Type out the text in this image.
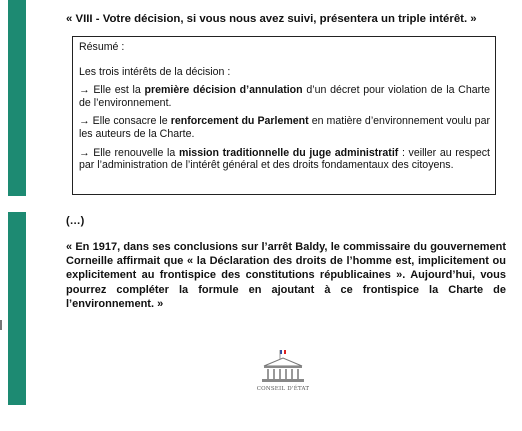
« VIII - Votre décision, si vous nous avez suivi, présentera un triple intérêt. »

Résumé :

Les trois intérêts de la décision :

→ Elle est la première décision d’annulation d’un décret pour violation de la Charte de l’environnement.

→ Elle consacre le renforcement du Parlement en matière d’environnement voulu par les auteurs de la Charte.

→ Elle renouvelle la mission traditionnelle du juge administratif : veiller au respect par l’administration de l’intérêt général et des droits fondamentaux des citoyens.

(…)
« En 1917, dans ses conclusions sur l’arrêt Baldy, le commissaire du gouvernement Corneille affirmait que « la Déclaration des droits de l’homme est, implicitement ou explicitement au frontispice des constitutions républicaines ». Aujourd’hui, vous pourrez compléter la formule en ajoutant à ce frontispice la Charte de l’environnement. »
CONSEIL D’ÉTAT
